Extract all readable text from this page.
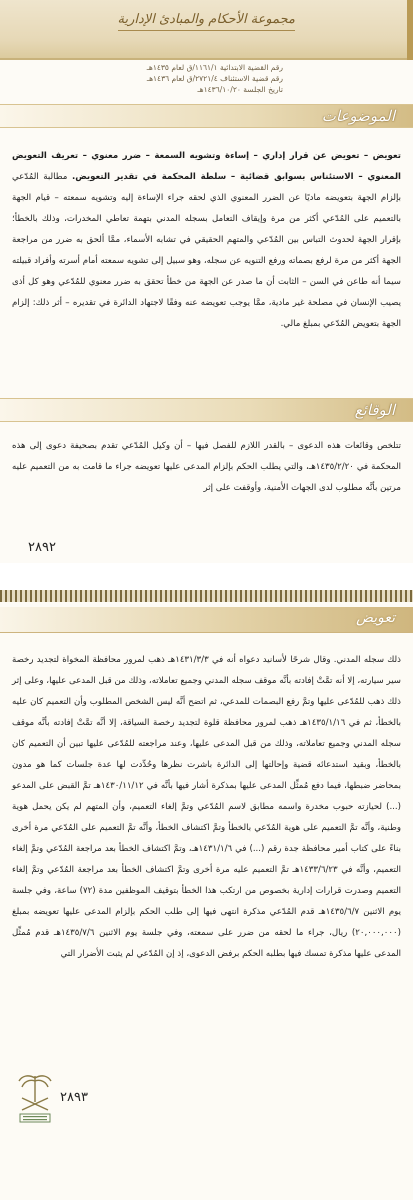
مجموعة الأحكام والمبادئ الإدارية
رقم القضية الابتدائية ١١٦١/١/ق لعام ١٤٣٥هـ
رقم قضية الاستئناف ٢٧٢١/٤/ق لعام ١٤٣٦هـ
تاريخ الجلسة ١٤٣٦/١٠/٢٠هـ
الموضوعات
تعويض – تعويض عن قرار إداري – إساءة وتشويه السمعة – ضرر معنوي – تعريف التعويض المعنوي – الاستئناس بسوابق قضائية – سلطة المحكمة في تقدير التعويض. مطالبة المُدّعي بإلزام الجهة بتعويضه ماديًا عن الضرر المعنوي الذي لحقه جراء الإساءة إليه وتشويه سمعته – قيام الجهة بالتعميم على المُدّعي أكثر من مرة وإيقاف التعامل بسجله المدني بتهمة تعاطي المخدرات، وذلك بالخطأ؛ بإقرار الجهة لحدوث التباس بين المُدّعي والمتهم الحقيقي في تشابه الأسماء، ممَّا ألحق به ضرر من مراجعة الجهة أكثر من مرة لرفع بصماته ورفع التنويه عن سجله، وهو سبيل إلى تشويه سمعته أمام أسرته وأفراد قبيلته سيما أنه طاعن في السن – الثابت أن ما صدر عن الجهة من خطأ تحقق به ضرر معنوي للمُدّعي وهو كل أذى يصيب الإنسان في مصلحة غير مادية، ممَّا يوجب تعويضه عنه وفقًا لاجتهاد الدائرة في تقديره – أثر ذلك: إلزام الجهة بتعويض المُدّعي بمبلغ مالي.
الوقائع
تتلخص وقائعات هذه الدعوى – بالقدر اللازم للفصل فيها – أن وكيل المُدّعي تقدم بصحيفة دعوى إلى هذه المحكمة في ١٤٣٥/٢/٢٠هـ، والتي يطلب الحكم بإلزام المدعى عليها تعويضه جراء ما قامت به من التعميم عليه مرتين بأنَّه مطلوب لدى الجهات الأمنية، وأوقفت على إثر
٢٨٩٢
تعويض
ذلك سجله المدني. وقال شرحًا لأسانيد دعواه أنه في ١٤٣١/٣/٣هـ ذهب لمرور محافظة المخواة لتجديد رخصة سير سيارته، إلا أنه تمَّتْ إفادته بأنَّه موقف سجله المدني وجميع تعاملاته، وذلك من قبل المدعى عليها، وعلى إثر ذلك ذهب للمُدّعى عليها وتمَّ رفع البصمات للمدعي، ثم اتضح أنَّه ليس الشخص المطلوب وأن التعميم كان عليه بالخطأ، ثم في ١٤٣٥/١/١٦هـ ذهب لمرور محافظة قلوة لتجديد رخصة السياقة، إلا أنَّه تمَّتْ إفادته بأنَّه موقف سجله المدني وجميع تعاملاته، وذلك من قبل المدعى عليها، وعند مراجعته للمُدّعى عليها تبين أن التعميم كان بالخطأ، وبقيد استدعائه قضية وإحالتها إلى الدائرة باشرت نظرها وحُدِّدت لها عدة جلسات كما هو مدون بمحاضر ضبطها، فيما دفع مُمثِّل المدعى عليها بمذكرة أشار فيها بأنَّه في ١٤٣٠/١١/١٢هـ تمَّ القبض على المدعو (...) لحيازته حبوب مخدرة واسمه مطابق لاسم المُدّعي وتمَّ إلغاء التعميم، وأن المتهم لم يكن يحمل هوية وطنية، وأنَّه تمَّ التعميم على هوية المُدّعي بالخطأ وتمَّ اكتشاف الخطأ، وأنَّه تمَّ التعميم على المُدّعي مرة أخرى بناءً على كتاب أمير محافظة جدة رقم (...) في ١٤٣١/١/٦هـ، وتمَّ اكتشاف الخطأ بعد مراجعة المُدّعي وتمَّ إلغاء التعميم، وأنَّه في ١٤٣٣/٦/٢٣هـ تمَّ التعميم عليه مرة أخرى وتمَّ اكتشاف الخطأ بعد مراجعة المُدّعي وتمَّ إلغاء التعميم وصدرت قرارات إدارية بخصوص من ارتكب هذا الخطأ بتوقيف الموظفين مدة (٧٢) ساعة، وفي جلسة يوم الاثنين ١٤٣٥/٦/٧هـ قدم المُدّعي مذكرة انتهى فيها إلى طلب الحكم بإلزام المدعى عليها تعويضه بمبلغ (٢٠,٠٠٠,٠٠٠) ريال، جراء ما لحقه من ضرر على سمعته، وفي جلسة يوم الاثنين ١٤٣٥/٧/٦هـ قدم مُمثِّل المدعى عليها مذكرة تمسك فيها بطلبه الحكم برفض الدعوى، إذ إن المُدّعي لم يثبت الأضرار التي
٢٨٩٣
